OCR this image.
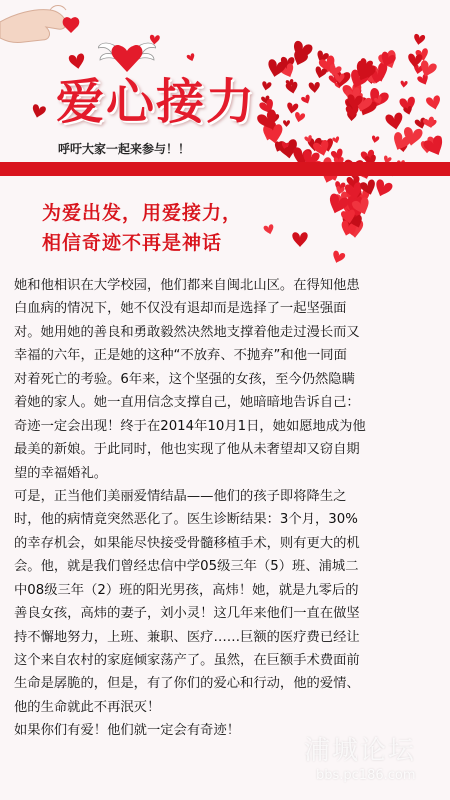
爱心接力
呼吁大家一起来参与！！
为爱出发，用爱接力，
相信奇迹不再是神话
她和他相识在大学校园，他们都来自闽北山区。在得知他患
白血病的情况下，她不仅没有退却而是选择了一起坚强面
对。她用她的善良和勇敢毅然决然地支撑着他走过漫长而又
幸福的六年，正是她的这种“不放弃、不抛弃”和他一同面
对着死亡的考验。6年来，这个坚强的女孩，至今仍然隐瞒
着她的家人。她一直用信念支撑自己，她暗暗地告诉自己：
奇迹一定会出现！终于在2014年10月1日，她如愿地成为他
最美的新娘。于此同时，他也实现了他从未奢望却又窃自期
望的幸福婚礼。
可是，正当他们美丽爱情结晶——他们的孩子即将降生之
时，他的病情竟突然恶化了。医生诊断结果：3个月，30%
的幸存机会，如果能尽快接受骨髓移植手术，则有更大的机
会。他，就是我们曾经忠信中学05级三年（5）班、浦城二
中08级三年（2）班的阳光男孩，高炜！她，就是九零后的
善良女孩，高炜的妻子，刘小灵！这几年来他们一直在做坚
持不懈地努力，上班、兼职、医疗……巨额的医疗费已经让
这个来自农村的家庭倾家荡产了。虽然，在巨额手术费面前
生命是孱脆的，但是，有了你们的爱心和行动，他的爱情、
他的生命就此不再泯灭！
如果你们有爱！他们就一定会有奇迹！
浦城论坛
bbs.pc186.com
